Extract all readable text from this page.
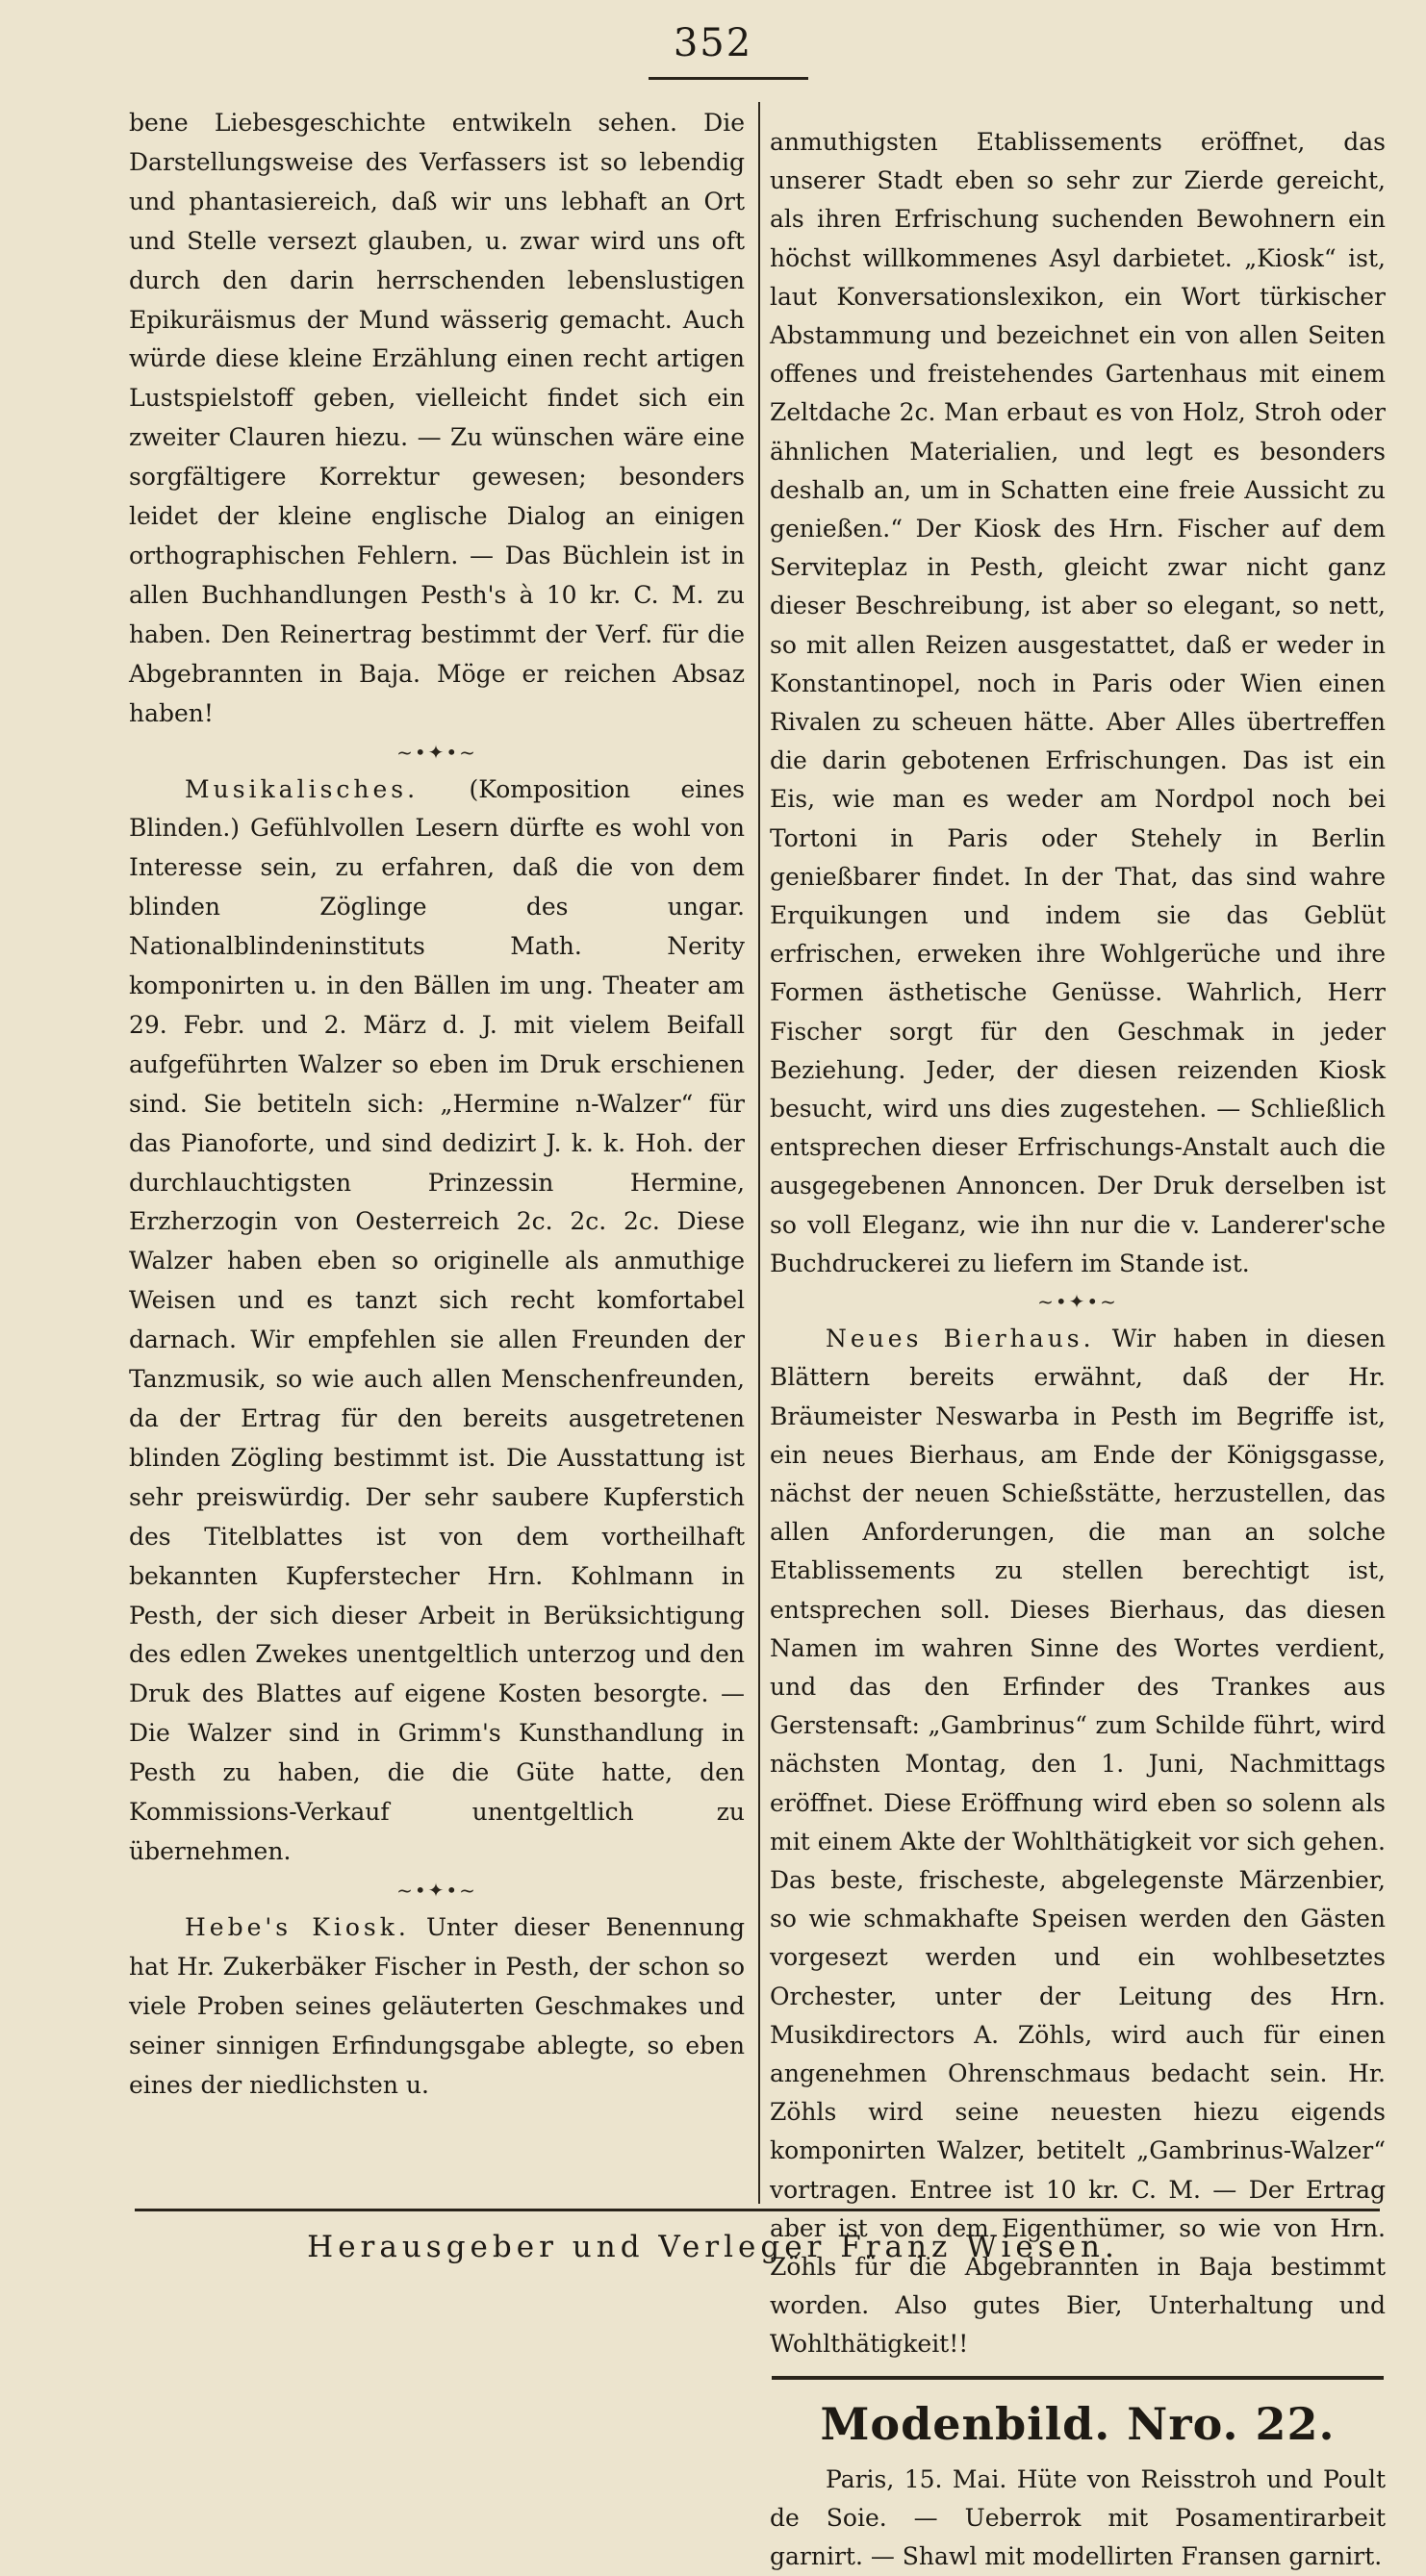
352

bene Liebesgeschichte entwikeln sehen. Die Darstellungsweise des Verfassers ist so lebendig und phantasiereich, daß wir uns lebhaft an Ort und Stelle versezt glauben, u. zwar wird uns oft durch den darin herrschenden lebenslustigen Epikuräismus der Mund wässerig gemacht. Auch würde diese kleine Erzählung einen recht artigen Lustspielstoff geben, vielleicht findet sich ein zweiter Clauren hiezu. — Zu wünschen wäre eine sorgfältigere Korrektur gewesen; besonders leidet der kleine englische Dialog an einigen orthographischen Fehlern. — Das Büchlein ist in allen Buchhandlungen Pesth's à 10 kr. C. M. zu haben. Den Reinertrag bestimmt der Verf. für die Abgebrannten in Baja. Möge er reichen Absaz haben!

~•✦•~

Musikalisches. (Komposition eines Blinden.) Gefühlvollen Lesern dürfte es wohl von Interesse sein, zu erfahren, daß die von dem blinden Zöglinge des ungar. Nationalblindeninstituts Math. Nerity komponirten u. in den Bällen im ung. Theater am 29. Febr. und 2. März d. J. mit vielem Beifall aufgeführten Walzer so eben im Druk erschienen sind. Sie betiteln sich: „Hermine n-Walzer“ für das Pianoforte, und sind dedizirt J. k. k. Hoh. der durchlauchtigsten Prinzessin Hermine, Erzherzogin von Oesterreich 2c. 2c. 2c. Diese Walzer haben eben so originelle als anmuthige Weisen und es tanzt sich recht komfortabel darnach. Wir empfehlen sie allen Freunden der Tanzmusik, so wie auch allen Menschenfreunden, da der Ertrag für den bereits ausgetretenen blinden Zögling bestimmt ist. Die Ausstattung ist sehr preiswürdig. Der sehr saubere Kupferstich des Titelblattes ist von dem vortheilhaft bekannten Kupferstecher Hrn. Kohlmann in Pesth, der sich dieser Arbeit in Berüksichtigung des edlen Zwekes unentgeltlich unterzog und den Druk des Blattes auf eigene Kosten besorgte. — Die Walzer sind in Grimm's Kunsthandlung in Pesth zu haben, die die Güte hatte, den Kommissions-Verkauf unentgeltlich zu übernehmen.

~•✦•~

Hebe's Kiosk. Unter dieser Benennung hat Hr. Zukerbäker Fischer in Pesth, der schon so viele Proben seines geläuterten Geschmakes und seiner sinnigen Erfindungsgabe ablegte, so eben eines der niedlichsten u.

anmuthigsten Etablissements eröffnet, das unserer Stadt eben so sehr zur Zierde gereicht, als ihren Erfrischung suchenden Bewohnern ein höchst willkommenes Asyl darbietet. „Kiosk“ ist, laut Konversationslexikon, ein Wort türkischer Abstammung und bezeichnet ein von allen Seiten offenes und freistehendes Gartenhaus mit einem Zeltdache 2c. Man erbaut es von Holz, Stroh oder ähnlichen Materialien, und legt es besonders deshalb an, um in Schatten eine freie Aussicht zu genießen.“ Der Kiosk des Hrn. Fischer auf dem Serviteplaz in Pesth, gleicht zwar nicht ganz dieser Beschreibung, ist aber so elegant, so nett, so mit allen Reizen ausgestattet, daß er weder in Konstantinopel, noch in Paris oder Wien einen Rivalen zu scheuen hätte. Aber Alles übertreffen die darin gebotenen Erfrischungen. Das ist ein Eis, wie man es weder am Nordpol noch bei Tortoni in Paris oder Stehely in Berlin genießbarer findet. In der That, das sind wahre Erquikungen und indem sie das Geblüt erfrischen, erweken ihre Wohlgerüche und ihre Formen ästhetische Genüsse. Wahrlich, Herr Fischer sorgt für den Geschmak in jeder Beziehung. Jeder, der diesen reizenden Kiosk besucht, wird uns dies zugestehen. — Schließlich entsprechen dieser Erfrischungs-Anstalt auch die ausgegebenen Annoncen. Der Druk derselben ist so voll Eleganz, wie ihn nur die v. Landerer'sche Buchdruckerei zu liefern im Stande ist.

~•✦•~

Neues Bierhaus. Wir haben in diesen Blättern bereits erwähnt, daß der Hr. Bräumeister Neswarba in Pesth im Begriffe ist, ein neues Bierhaus, am Ende der Königsgasse, nächst der neuen Schießstätte, herzustellen, das allen Anforderungen, die man an solche Etablissements zu stellen berechtigt ist, entsprechen soll. Dieses Bierhaus, das diesen Namen im wahren Sinne des Wortes verdient, und das den Erfinder des Trankes aus Gerstensaft: „Gambrinus“ zum Schilde führt, wird nächsten Montag, den 1. Juni, Nachmittags eröffnet. Diese Eröffnung wird eben so solenn als mit einem Akte der Wohlthätigkeit vor sich gehen. Das beste, frischeste, abgelegenste Märzenbier, so wie schmakhafte Speisen werden den Gästen vorgesezt werden und ein wohlbesetztes Orchester, unter der Leitung des Hrn. Musikdirectors A. Zöhls, wird auch für einen angenehmen Ohrenschmaus bedacht sein. Hr. Zöhls wird seine neuesten hiezu eigends komponirten Walzer, betitelt „Gambrinus-Walzer“ vortragen. Entree ist 10 kr. C. M. — Der Ertrag aber ist von dem Eigenthümer, so wie von Hrn. Zöhls für die Abgebrannten in Baja bestimmt worden. Also gutes Bier, Unterhaltung und Wohlthätigkeit!!

Modenbild. Nro. 22.

Paris, 15. Mai. Hüte von Reisstroh und Poult de Soie. — Ueberrok mit Posamentirarbeit garnirt. — Shawl mit modellirten Fransen garnirt.

Herausgeber und Verleger Franz Wiesen.
